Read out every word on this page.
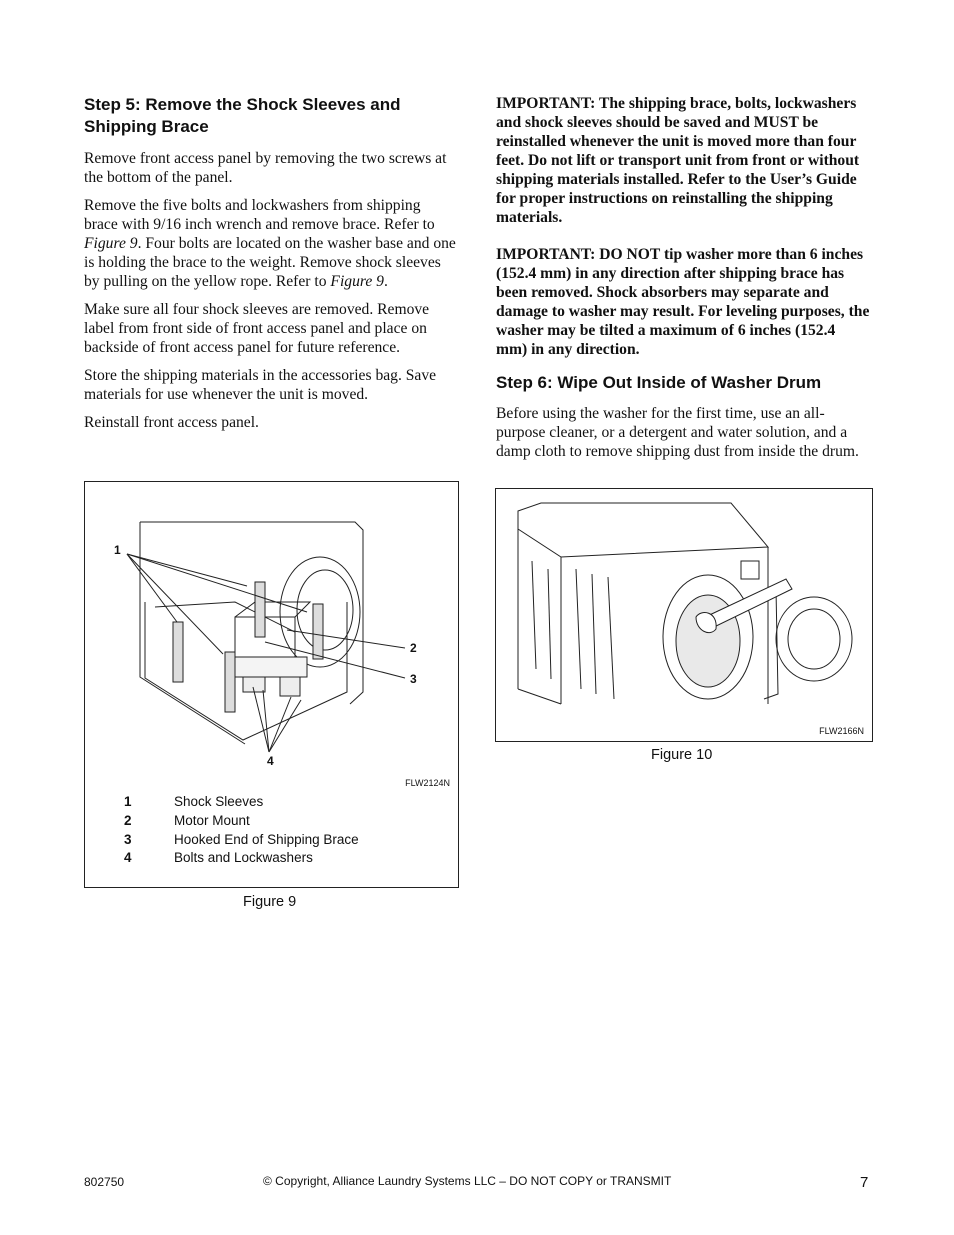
Step 5: Remove the Shock Sleeves and Shipping Brace

Remove front access panel by removing the two screws at the bottom of the panel.

Remove the five bolts and lockwashers from shipping brace with 9/16 inch wrench and remove brace. Refer to Figure 9. Four bolts are located on the washer base and one is holding the brace to the weight. Remove shock sleeves by pulling on the yellow rope. Refer to Figure 9.

Make sure all four shock sleeves are removed. Remove label from front side of front access panel and place on backside of front access panel for future reference.

Store the shipping materials in the accessories bag. Save materials for use whenever the unit is moved.

Reinstall front access panel.

1
2
3
4
FLW2124N
1	Shock Sleeves
2	Motor Mount
3	Hooked End of Shipping Brace
4	Bolts and Lockwashers
Figure 9

IMPORTANT: The shipping brace, bolts, lockwashers and shock sleeves should be saved and MUST be reinstalled whenever the unit is moved more than four feet. Do not lift or transport unit from front or without shipping materials installed. Refer to the User’s Guide for proper instructions on reinstalling the shipping materials.

IMPORTANT: DO NOT tip washer more than 6 inches (152.4 mm) in any direction after shipping brace has been removed. Shock absorbers may separate and damage to washer may result. For leveling purposes, the washer may be tilted a maximum of 6 inches (152.4 mm) in any direction.

Step 6: Wipe Out Inside of Washer Drum

Before using the washer for the first time, use an all-purpose cleaner, or a detergent and water solution, and a damp cloth to remove shipping dust from inside the drum.

FLW2166N
Figure 10
802750	© Copyright, Alliance Laundry Systems LLC – DO NOT COPY or TRANSMIT	7
